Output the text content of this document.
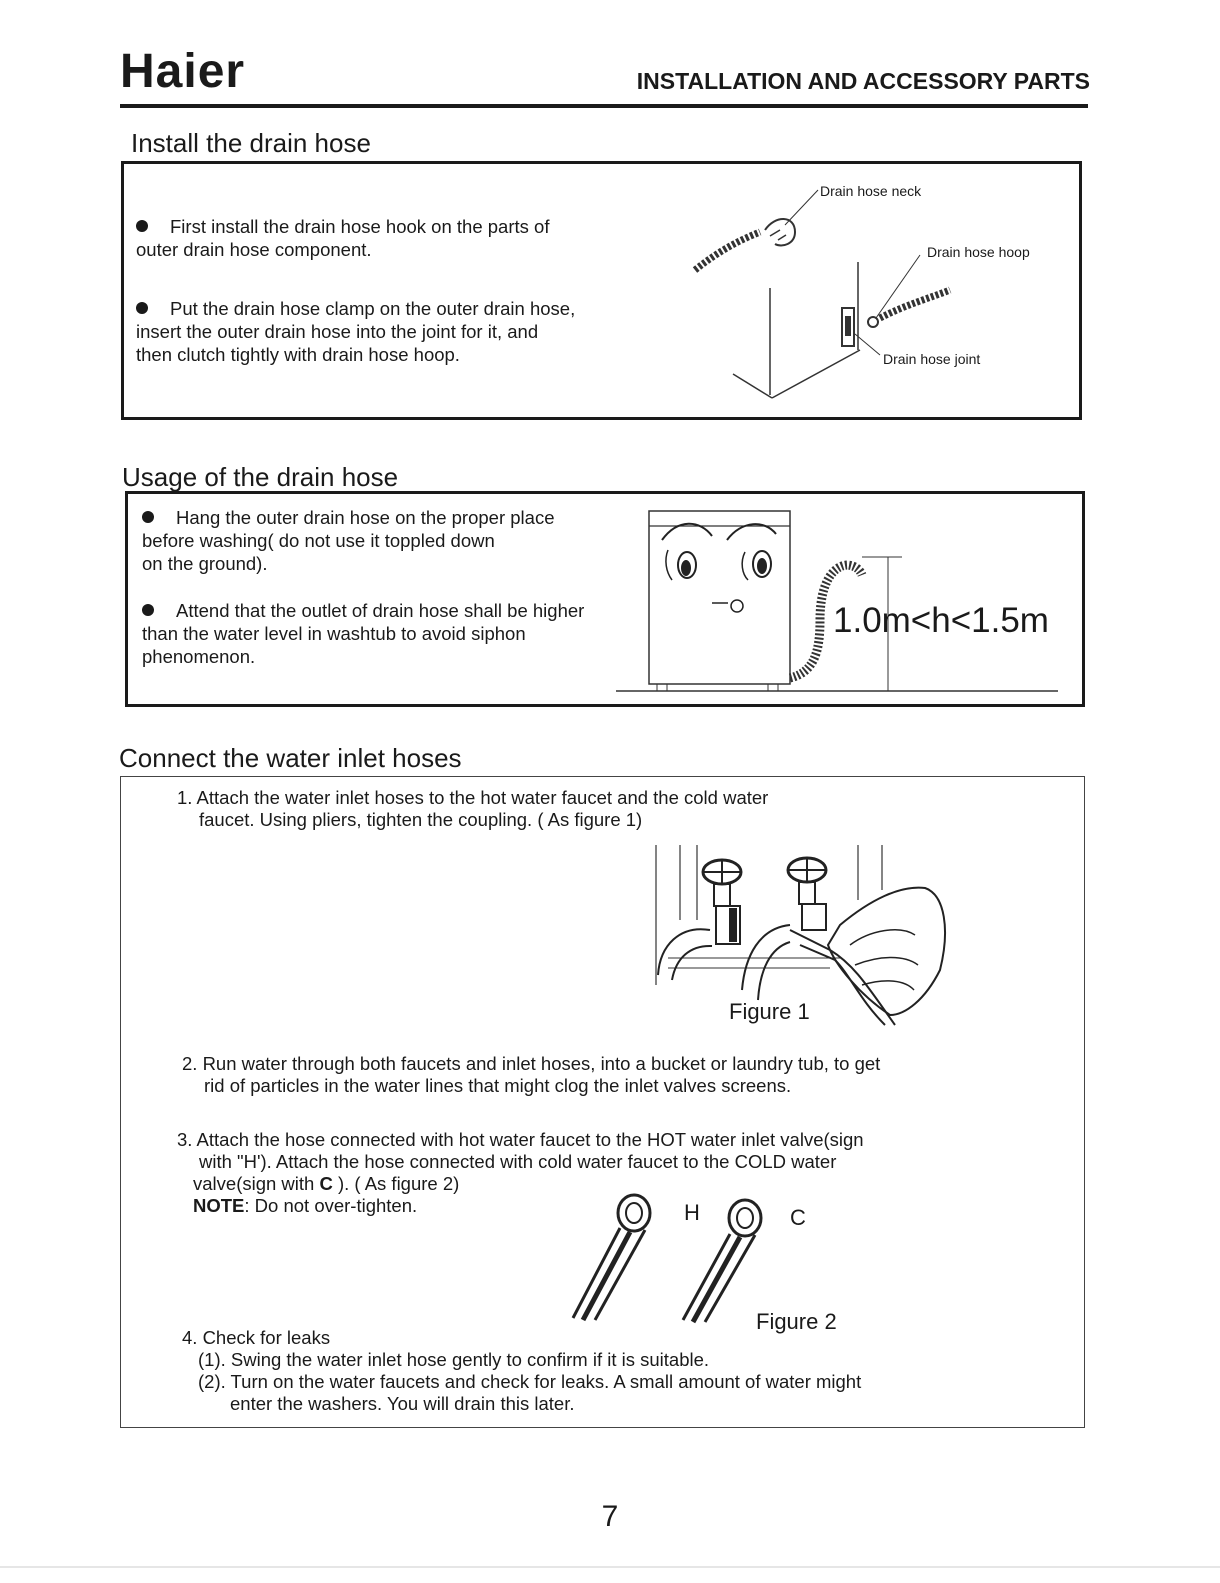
Haier	INSTALLATION AND ACCESSORY PARTS
Install the drain hose
First install the drain hose hook on the parts of
outer drain hose component.
Put the drain hose clamp on the outer drain hose,
insert the outer drain hose into the joint for it, and
then clutch tightly with drain hose hoop.
Drain hose neck
Drain hose hoop
Drain hose joint
Usage of the drain hose
Hang the outer drain hose on the proper place
before washing( do not use it toppled down
on the ground).
Attend that the outlet of drain hose shall be higher
than the water level in washtub to avoid siphon
phenomenon.
1.0m<h<1.5m
Connect the water inlet hoses
1. Attach the water inlet hoses to the hot water faucet and the cold water
faucet. Using pliers, tighten the coupling. ( As figure 1)
Figure 1
2. Run water through both faucets and inlet hoses, into a bucket or laundry tub, to get
rid of particles in the water lines that might clog the inlet valves screens.
3. Attach the hose connected with hot water faucet to the HOT water inlet valve(sign
with "H'). Attach the hose connected with cold water faucet to the COLD water
valve(sign with C ). ( As figure 2)
NOTE: Do not over-tighten.	H	C
Figure 2
4. Check for leaks
(1). Swing the water inlet hose gently to confirm if it is suitable.
(2). Turn on the water faucets and check for leaks. A small amount of water might
enter the washers. You will drain this later.
7
